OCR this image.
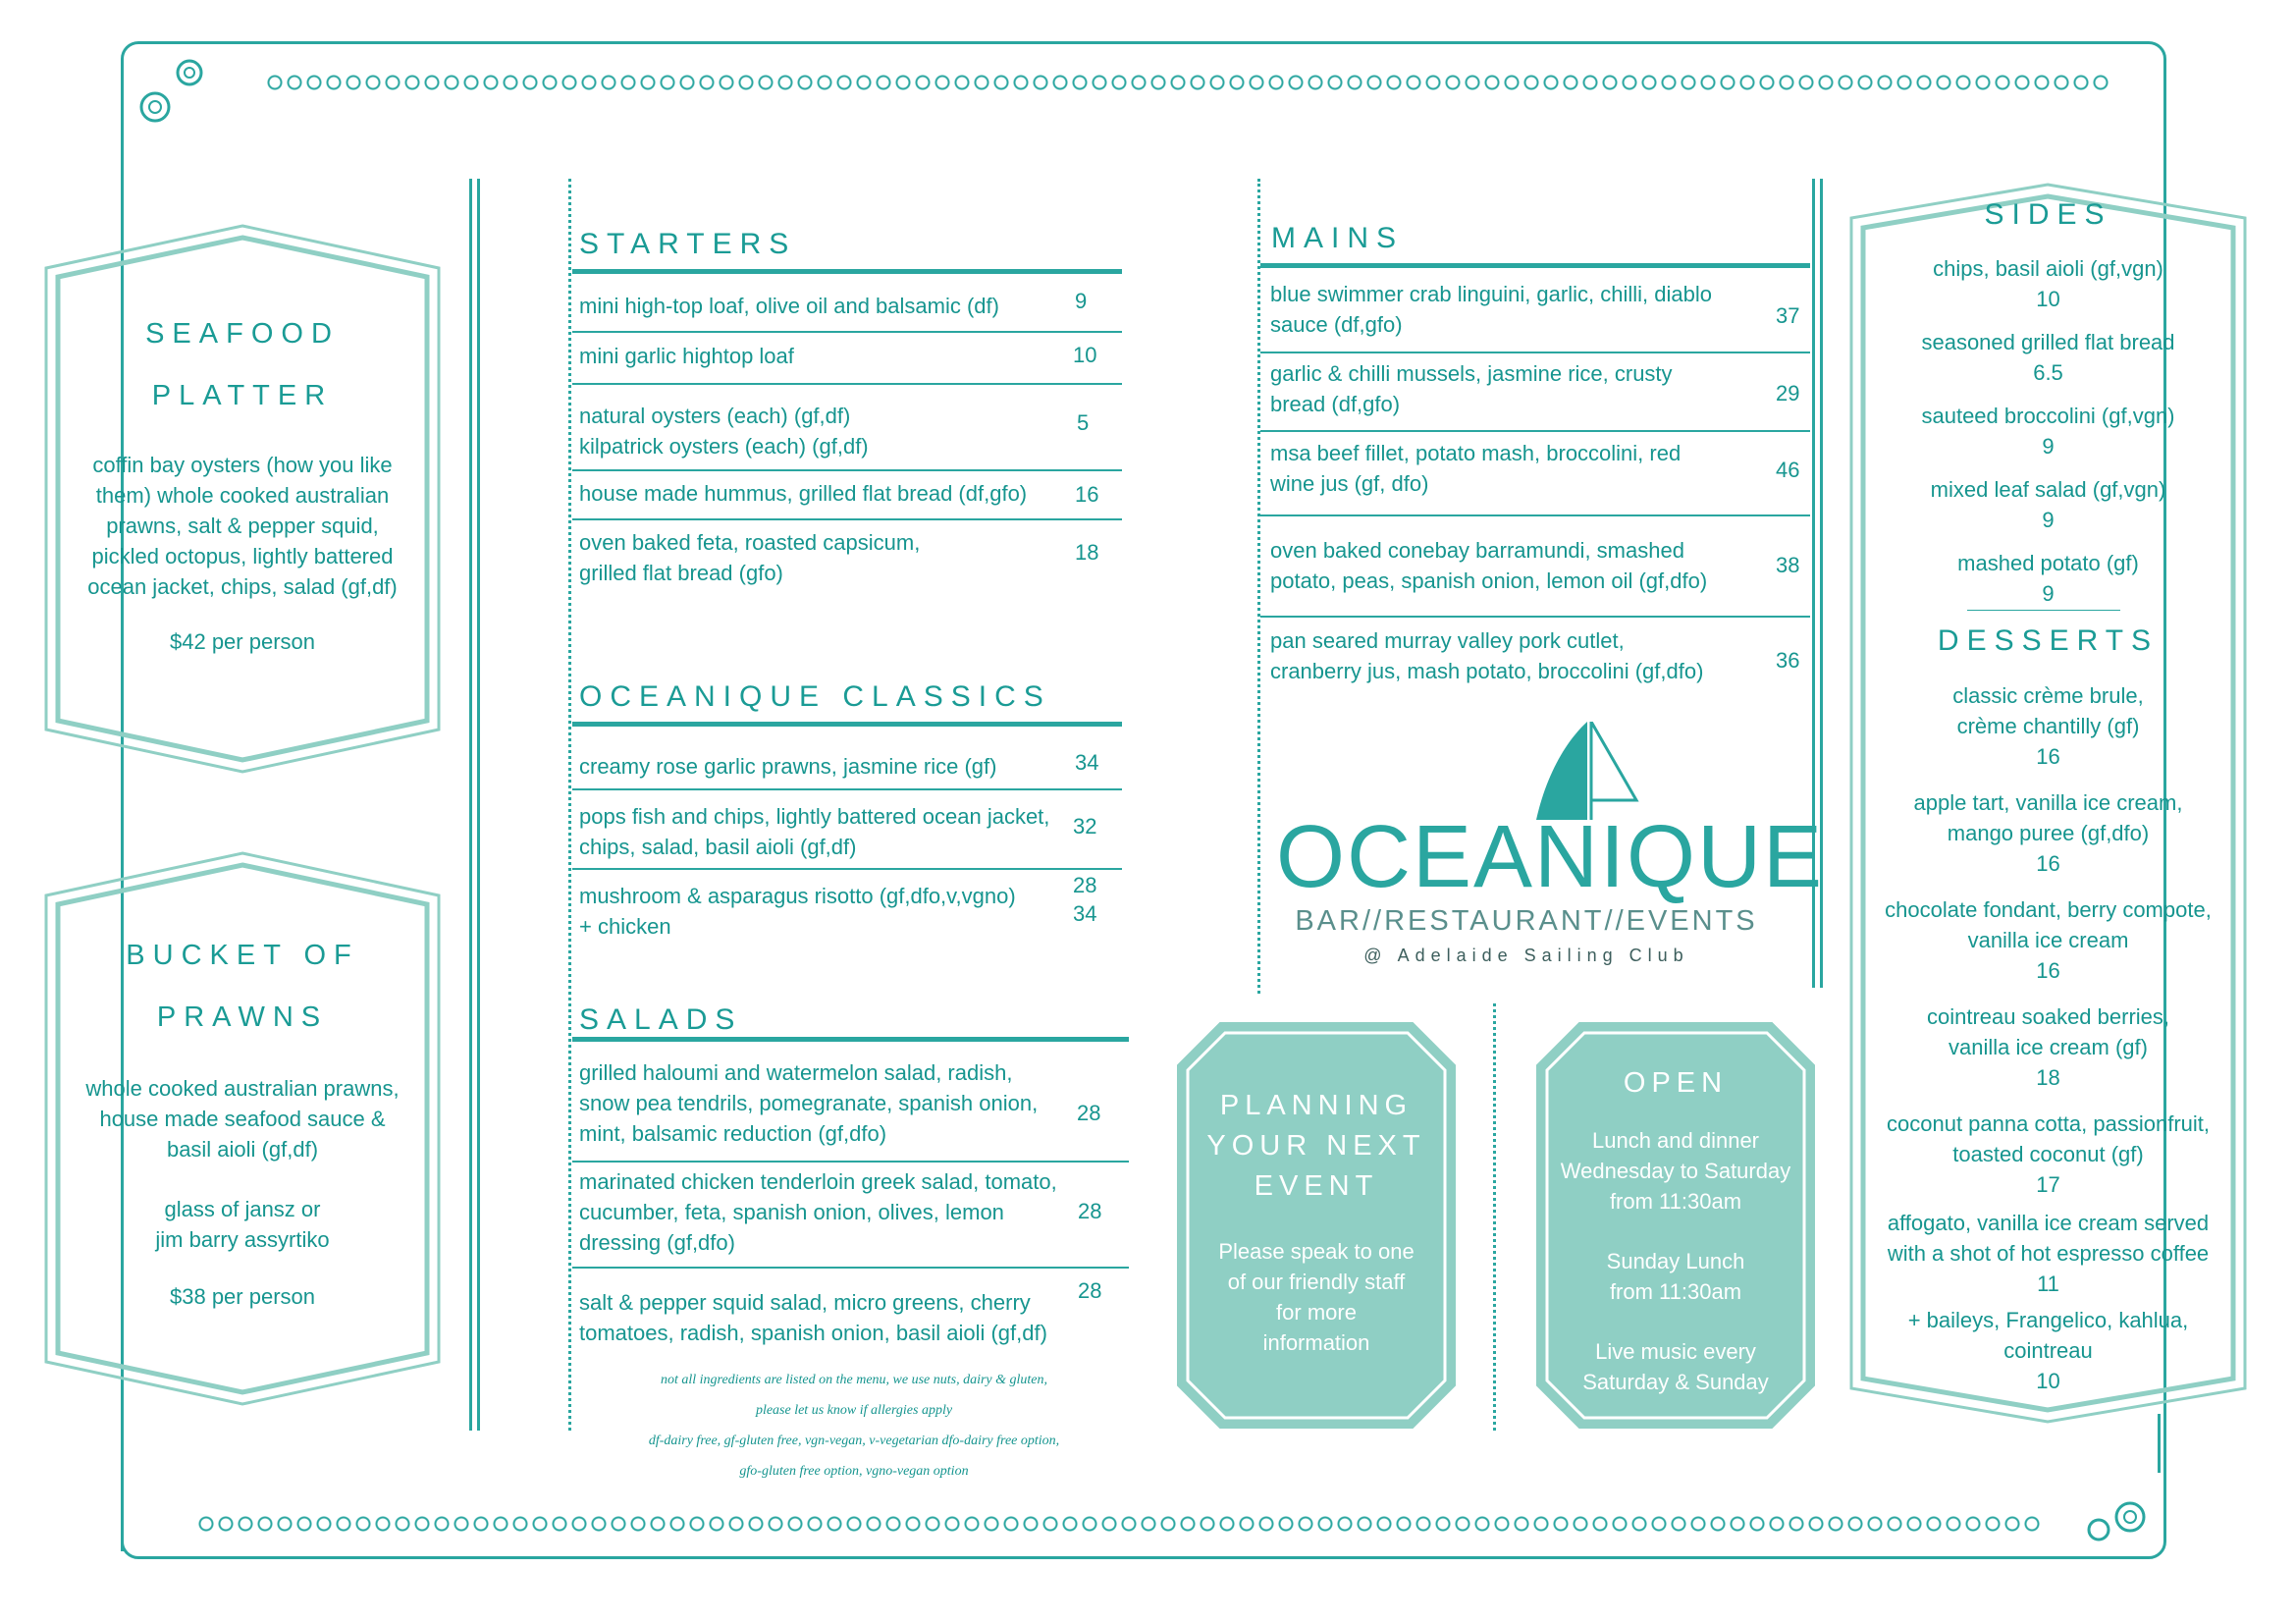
SEAFOOD
PLATTER
coffin bay oysters (how you like them) whole cooked australian prawns, salt & pepper squid, pickled octopus, lightly battered ocean jacket, chips, salad (gf,df)
$42 per person
BUCKET OF
PRAWNS
whole cooked australian prawns, house made seafood sauce & basil aioli (gf,df)
glass of jansz or
jim barry assyrtiko
$38 per person
STARTERS
mini high-top loaf, olive oil and balsamic (df)	9
mini garlic hightop loaf	10
natural oysters (each) (gf,df)
kilpatrick oysters (each) (gf,df)
5
house made hummus, grilled flat bread (df,gfo) 16
oven baked feta, roasted capsicum,
grilled flat bread (gfo)
18
OCEANIQUE CLASSICS
creamy rose garlic prawns, jasmine rice (gf)	34
pops fish and chips, lightly battered ocean jacket,
chips, salad, basil aioli (gf,df)
32
mushroom & asparagus risotto (gf,dfo,v,vgno)
+ chicken
28
34
SALADS
grilled haloumi and watermelon salad, radish,
snow pea tendrils, pomegranate, spanish onion,
mint, balsamic reduction (gf,dfo)
28
marinated chicken tenderloin greek salad, tomato,
cucumber, feta, spanish onion, olives, lemon
dressing (gf,dfo)
28
salt & pepper squid salad, micro greens, cherry
tomatoes, radish, spanish onion, basil aioli (gf,df)
28
not all ingredients are listed on the menu, we use nuts, dairy & gluten,
please let us know if allergies apply
df-dairy free, gf-gluten free, vgn-vegan, v-vegetarian dfo-dairy free option,
gfo-gluten free option, vgno-vegan option
MAINS
blue swimmer crab linguini, garlic, chilli, diablo
sauce (df,gfo)	37
garlic & chilli mussels, jasmine rice, crusty
bread (df,gfo)	29
msa beef fillet, potato mash, broccolini, red
wine jus (gf, dfo)
46
oven baked conebay barramundi, smashed
potato, peas, spanish onion, lemon oil (gf,dfo)
38
pan seared murray valley pork cutlet,
cranberry jus, mash potato, broccolini (gf,dfo)	36
OCEANIQUE
BAR//RESTAURANT//EVENTS
@ Adelaide Sailing Club
PLANNING
YOUR NEXT
EVENT
Please speak to one
of our friendly staff
for more
information
OPEN
Lunch and dinner
Wednesday to Saturday
from 11:30am
Sunday Lunch
from 11:30am
Live music every
Saturday & Sunday
SIDES
chips, basil aioli (gf,vgn)
10
seasoned grilled flat bread
6.5
sauteed broccolini (gf,vgn)
9
mixed leaf salad (gf,vgn)
9
mashed potato (gf)
9
DESSERTS
classic crème brule,
crème chantilly (gf)
16
apple tart, vanilla ice cream,
mango puree (gf,dfo)
16
chocolate fondant, berry compote,
vanilla ice cream
16
cointreau soaked berries,
vanilla ice cream (gf)
18
coconut panna cotta, passionfruit,
toasted coconut (gf)
17
affogato, vanilla ice cream served
with a shot of hot espresso coffee
11
+ baileys, Frangelico, kahlua,
cointreau
10
